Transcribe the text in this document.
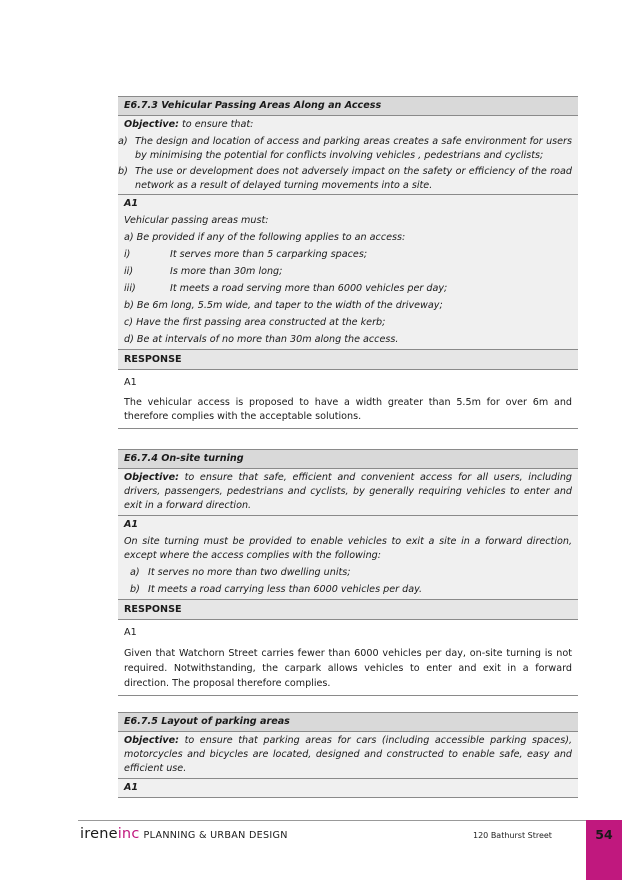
E6.7.3 Vehicular Passing Areas Along an Access

Objective: to ensure that:

a) The design and location of access and parking areas creates a safe environment for users by minimising the potential for conflicts involving vehicles , pedestrians and cyclists;
b) The use or development does not adversely impact on the safety or efficiency of the road network as a result of delayed turning movements into a site.

A1

Vehicular passing areas must:

a) Be provided if any of the following applies to an access:

i)	It serves more than 5 carparking spaces;
ii)	Is more than 30m long;
iii)	It meets a road serving more than 6000 vehicles per day;

b) Be 6m long, 5.5m wide, and taper to the width of the driveway;

c) Have the first passing area constructed at the kerb;

d) Be at intervals of no more than 30m along the access.

RESPONSE

A1

The vehicular access is proposed to have a width greater than 5.5m for over 6m and therefore complies with the acceptable solutions.

E6.7.4 On-site turning

Objective: to ensure that safe, efficient and convenient access for all users, including drivers, passengers, pedestrians and cyclists, by generally requiring vehicles to enter and exit in a forward direction.

A1

On site turning must be provided to enable vehicles to exit a site in a forward direction, except where the access complies with the following:

a) It serves no more than two dwelling units;
b) It meets a road carrying less than 6000 vehicles per day.
RESPONSE

A1

Given that Watchorn Street carries fewer than 6000 vehicles per day, on-site turning is not required. Notwithstanding, the carpark allows vehicles to enter and exit in a forward direction. The proposal therefore complies.

E6.7.5 Layout of parking areas

Objective: to ensure that parking areas for cars (including accessible parking spaces), motorcycles and bicycles are located, designed and constructed to enable safe, easy and efficient use.

A1

ireneinc PLANNING & URBAN DESIGN	120 Bathurst Street	54
